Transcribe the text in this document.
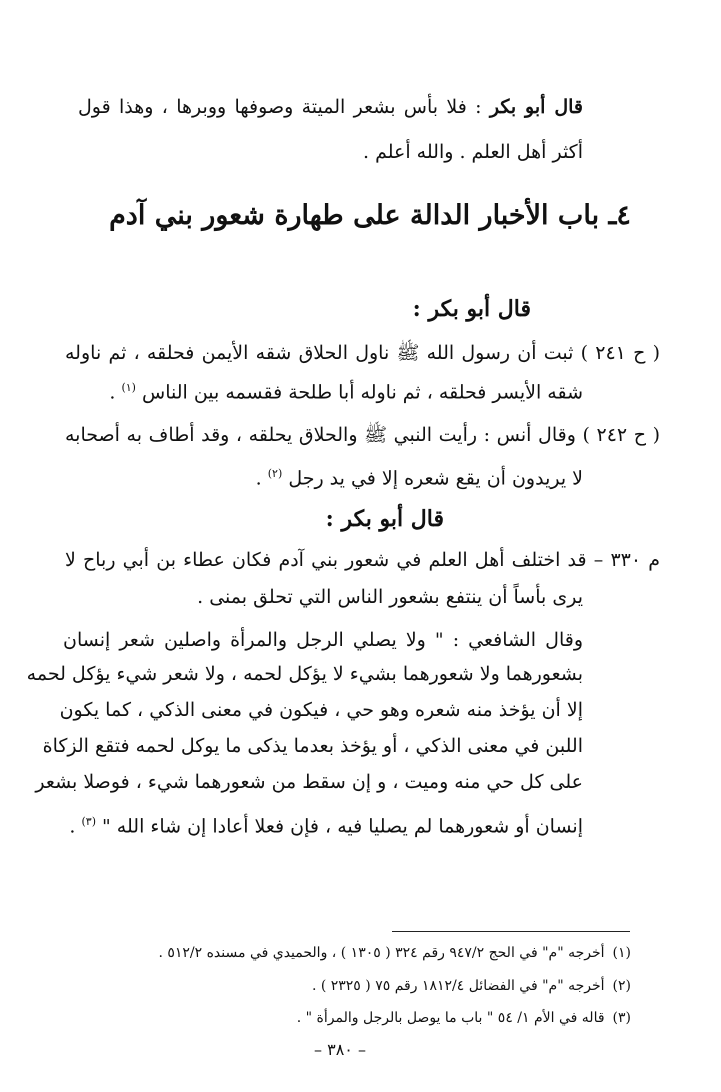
قال أبو بكر : فلا بأس بشعر الميتة وصوفها ووبرها ، وهذا قول
أكثر أهل العلم . والله أعلم .
٤ـ باب الأخبار الدالة على طهارة شعور بني آدم
قال أبو بكر :
( ح ٢٤١ ) ثبت أن رسول الله ﷺ ناول الحلاق شقه الأيمن فحلقه ، ثم ناوله
شقه الأيسر فحلقه ، ثم ناوله أبا طلحة فقسمه بين الناس $^{(١)}$ .
( ح ٢٤٢ ) وقال أنس : رأيت النبي ﷺ والحلاق يحلقه ، وقد أطاف به أصحابه
لا يريدون أن يقع شعره إلا في يد رجل $^{(٢)}$ .
قال أبو بكر :
م ٣٣٠ – قد اختلف أهل العلم في شعور بني آدم فكان عطاء بن أبي رباح لا
يرى بأساً أن ينتفع بشعور الناس التي تحلق بمنى .
وقال الشافعي : " ولا يصلي الرجل والمرأة واصلين شعر إنسان
بشعورهما ولا شعورهما بشيء لا يؤكل لحمه ، ولا شعر شيء يؤكل لحمه
إلا أن يؤخذ منه شعره وهو حي ، فيكون في معنى الذكي ، كما يكون
اللبن في معنى الذكي ، أو يؤخذ بعدما يذكى ما يوكل لحمه فتقع الزكاة
على كل حي منه وميت ، و إن سقط من شعورهما شيء ، فوصلا بشعر
إنسان أو شعورهما لم يصليا فيه ، فإن فعلا أعادا إن شاء الله " $^{(٣)}$ .
(١)أخرجه "م" في الحج ٩٤٧/٢ رقم ٣٢٤ ( ١٣٠٥ ) ، والحميدي في مسنده ٥١٢/٢ .
(٢)أخرجه "م" في الفضائل ١٨١٢/٤ رقم ٧٥ ( ٢٣٢٥ ) .
(٣)قاله في الأم ١/ ٥٤ " باب ما يوصل بالرجل والمرأة " .
– ٣٨٠ –
